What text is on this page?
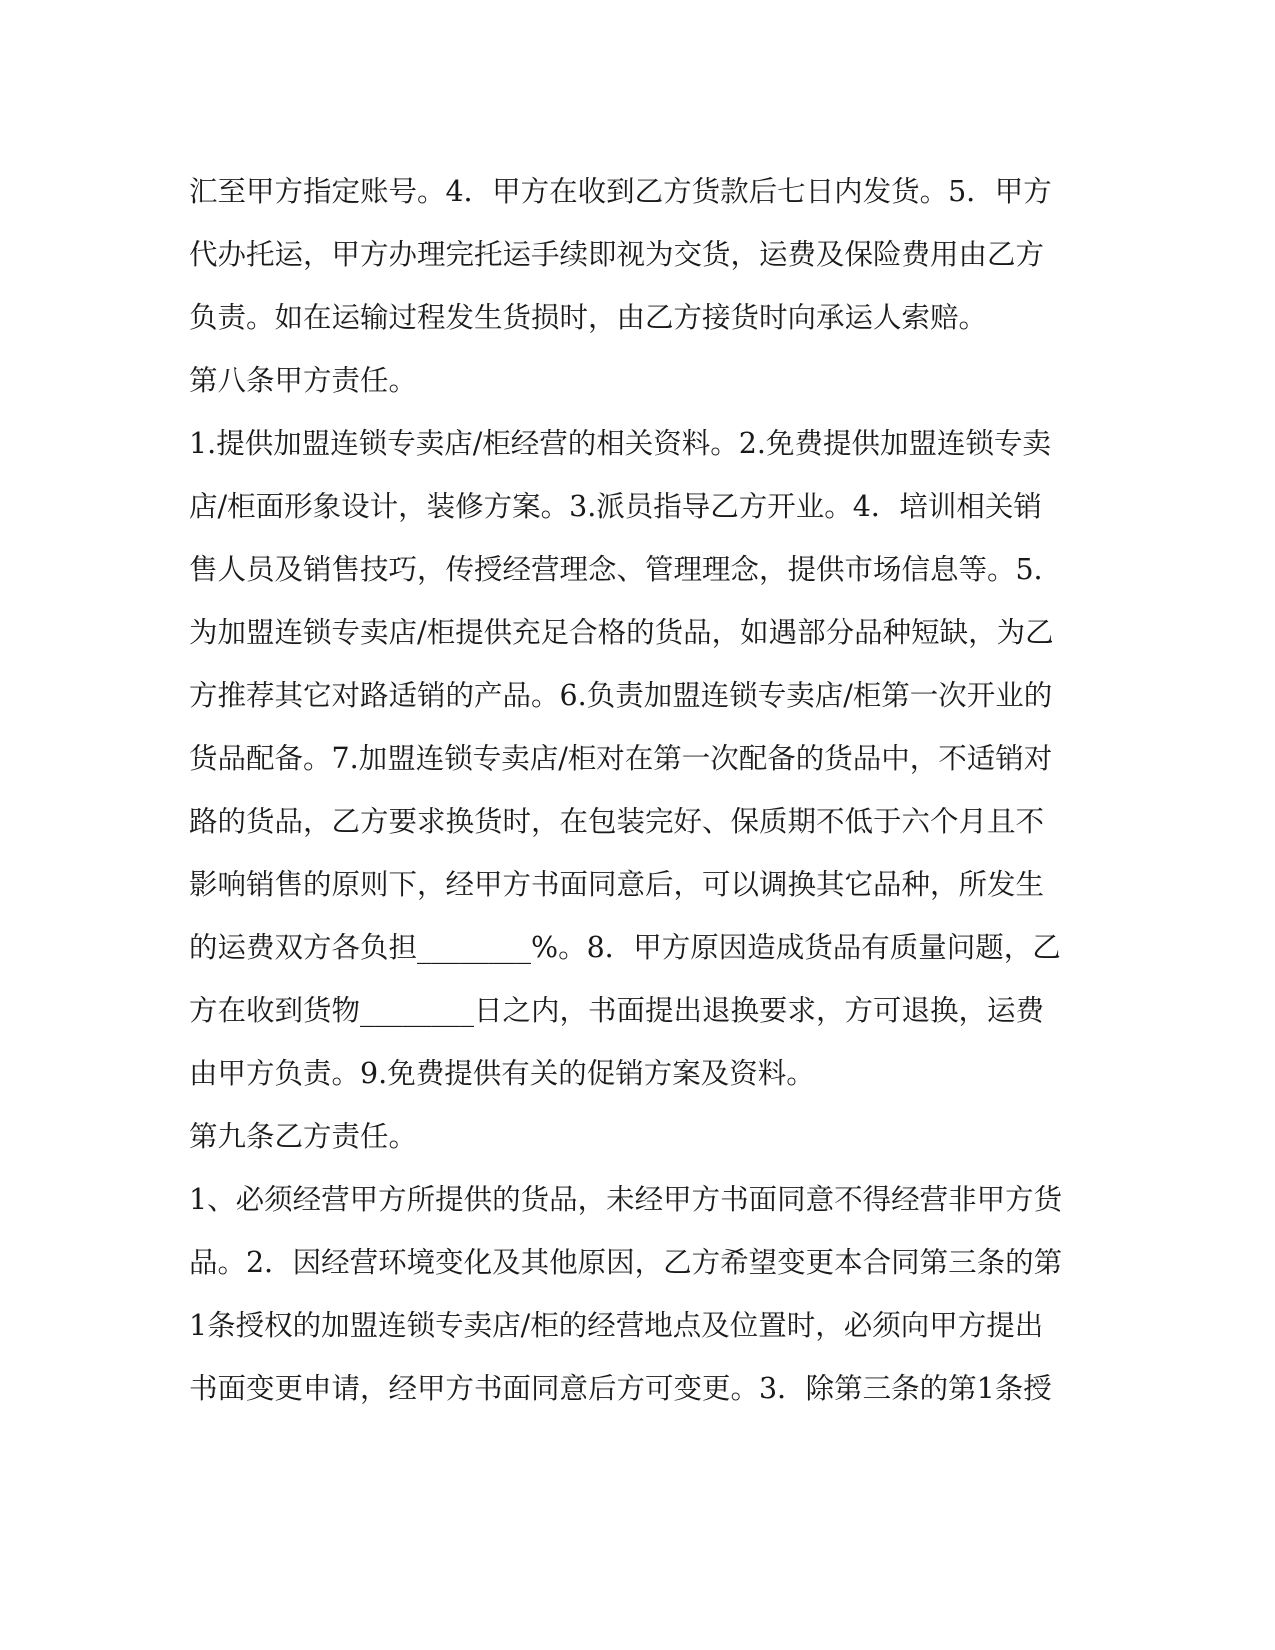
汇至甲方指定账号。4．甲方在收到乙方货款后七日内发货。5．甲方
代办托运，甲方办理完托运手续即视为交货，运费及保险费用由乙方
负责。如在运输过程发生货损时，由乙方接货时向承运人索赔。
第八条甲方责任。
1.提供加盟连锁专卖店/柜经营的相关资料。2.免费提供加盟连锁专卖
店/柜面形象设计，装修方案。3.派员指导乙方开业。4．培训相关销
售人员及销售技巧，传授经营理念、管理理念，提供市场信息等。5．
为加盟连锁专卖店/柜提供充足合格的货品，如遇部分品种短缺，为乙
方推荐其它对路适销的产品。6.负责加盟连锁专卖店/柜第一次开业的
货品配备。7.加盟连锁专卖店/柜对在第一次配备的货品中，不适销对
路的货品，乙方要求换货时，在包装完好、保质期不低于六个月且不
影响销售的原则下，经甲方书面同意后，可以调换其它品种，所发生
的运费双方各负担________%。8．甲方原因造成货品有质量问题，乙
方在收到货物________日之内，书面提出退换要求，方可退换，运费
由甲方负责。9.免费提供有关的促销方案及资料。
第九条乙方责任。
1、必须经营甲方所提供的货品，未经甲方书面同意不得经营非甲方货
品。2．因经营环境变化及其他原因，乙方希望变更本合同第三条的第
1条授权的加盟连锁专卖店/柜的经营地点及位置时，必须向甲方提出
书面变更申请，经甲方书面同意后方可变更。3．除第三条的第1条授
